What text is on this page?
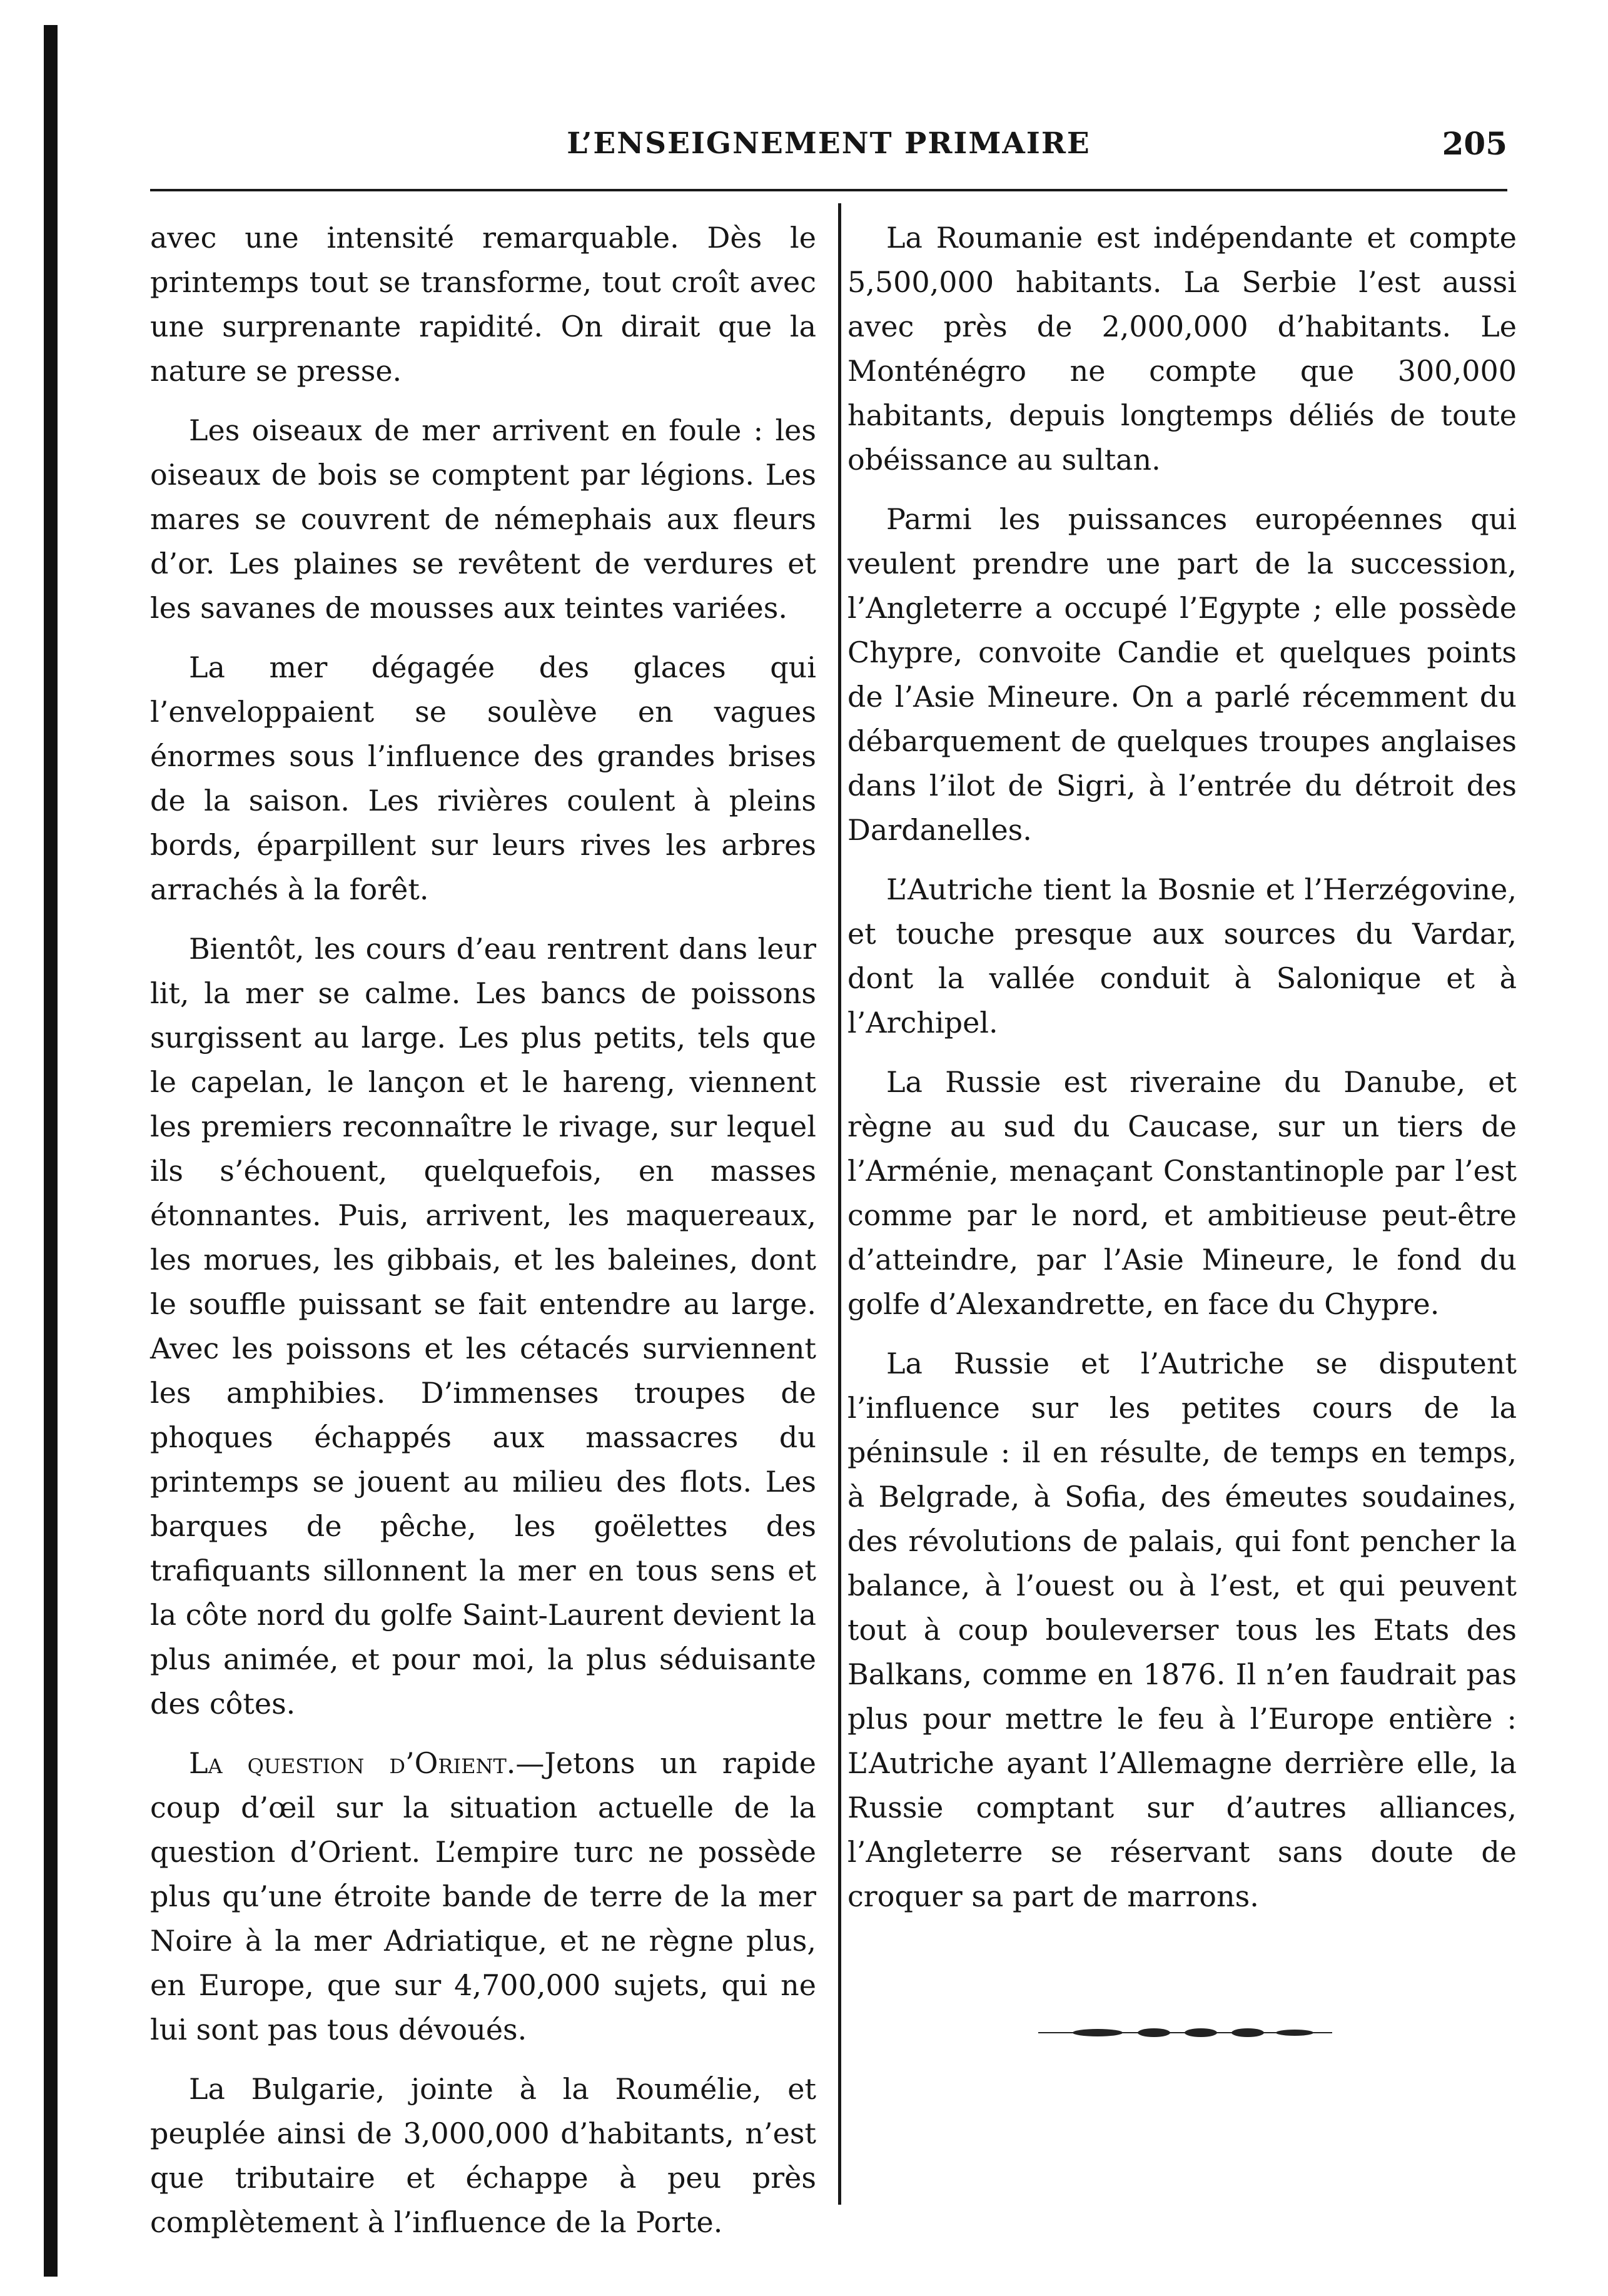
L’ENSEIGNEMENT PRIMAIRE	205

avec une intensité remarquable. Dès le printemps tout se transforme, tout croît avec une surprenante rapidité. On dirait que la nature se presse.

Les oiseaux de mer arrivent en foule : les oiseaux de bois se comptent par légions. Les mares se couvrent de némephais aux fleurs d’or. Les plaines se revêtent de verdures et les savanes de mousses aux teintes variées.

La mer dégagée des glaces qui l’enveloppaient se soulève en vagues énormes sous l’influence des grandes brises de la saison. Les rivières coulent à pleins bords, éparpillent sur leurs rives les arbres arrachés à la forêt.

Bientôt, les cours d’eau rentrent dans leur lit, la mer se calme. Les bancs de poissons surgissent au large. Les plus petits, tels que le capelan, le lançon et le hareng, viennent les premiers reconnaître le rivage, sur lequel ils s’échouent, quelquefois, en masses étonnantes. Puis, arrivent, les maquereaux, les morues, les gibbais, et les baleines, dont le souffle puissant se fait entendre au large. Avec les poissons et les cétacés surviennent les amphibies. D’immenses troupes de phoques échappés aux massacres du printemps se jouent au milieu des flots. Les barques de pêche, les goëlettes des trafiquants sillonnent la mer en tous sens et la côte nord du golfe Saint-Laurent devient la plus animée, et pour moi, la plus séduisante des côtes.

La question d’Orient.—Jetons un rapide coup d’œil sur la situation actuelle de la question d’Orient. L’empire turc ne possède plus qu’une étroite bande de terre de la mer Noire à la mer Adriatique, et ne règne plus, en Europe, que sur 4,700,000 sujets, qui ne lui sont pas tous dévoués.

La Bulgarie, jointe à la Roumélie, et peuplée ainsi de 3,000,000 d’habitants, n’est que tributaire et échappe à peu près complètement à l’influence de la Porte.

La Roumanie est indépendante et compte 5,500,000 habitants. La Serbie l’est aussi avec près de 2,000,000 d’habitants. Le Monténégro ne compte que 300,000 habitants, depuis longtemps déliés de toute obéissance au sultan.

Parmi les puissances européennes qui veulent prendre une part de la succession, l’Angleterre a occupé l’Egypte ; elle possède Chypre, convoite Candie et quelques points de l’Asie Mineure. On a parlé récemment du débarquement de quelques troupes anglaises dans l’ilot de Sigri, à l’entrée du détroit des Dardanelles.

L’Autriche tient la Bosnie et l’Herzégovine, et touche presque aux sources du Vardar, dont la vallée conduit à Salonique et à l’Archipel.

La Russie est riveraine du Danube, et règne au sud du Caucase, sur un tiers de l’Arménie, menaçant Constantinople par l’est comme par le nord, et ambitieuse peut-être d’atteindre, par l’Asie Mineure, le fond du golfe d’Alexandrette, en face du Chypre.

La Russie et l’Autriche se disputent l’influence sur les petites cours de la péninsule : il en résulte, de temps en temps, à Belgrade, à Sofia, des émeutes soudaines, des révolutions de palais, qui font pencher la balance, à l’ouest ou à l’est, et qui peuvent tout à coup bouleverser tous les Etats des Balkans, comme en 1876. Il n’en faudrait pas plus pour mettre le feu à l’Europe entière : L’Autriche ayant l’Allemagne derrière elle, la Russie comptant sur d’autres alliances, l’Angleterre se réservant sans doute de croquer sa part de marrons.
